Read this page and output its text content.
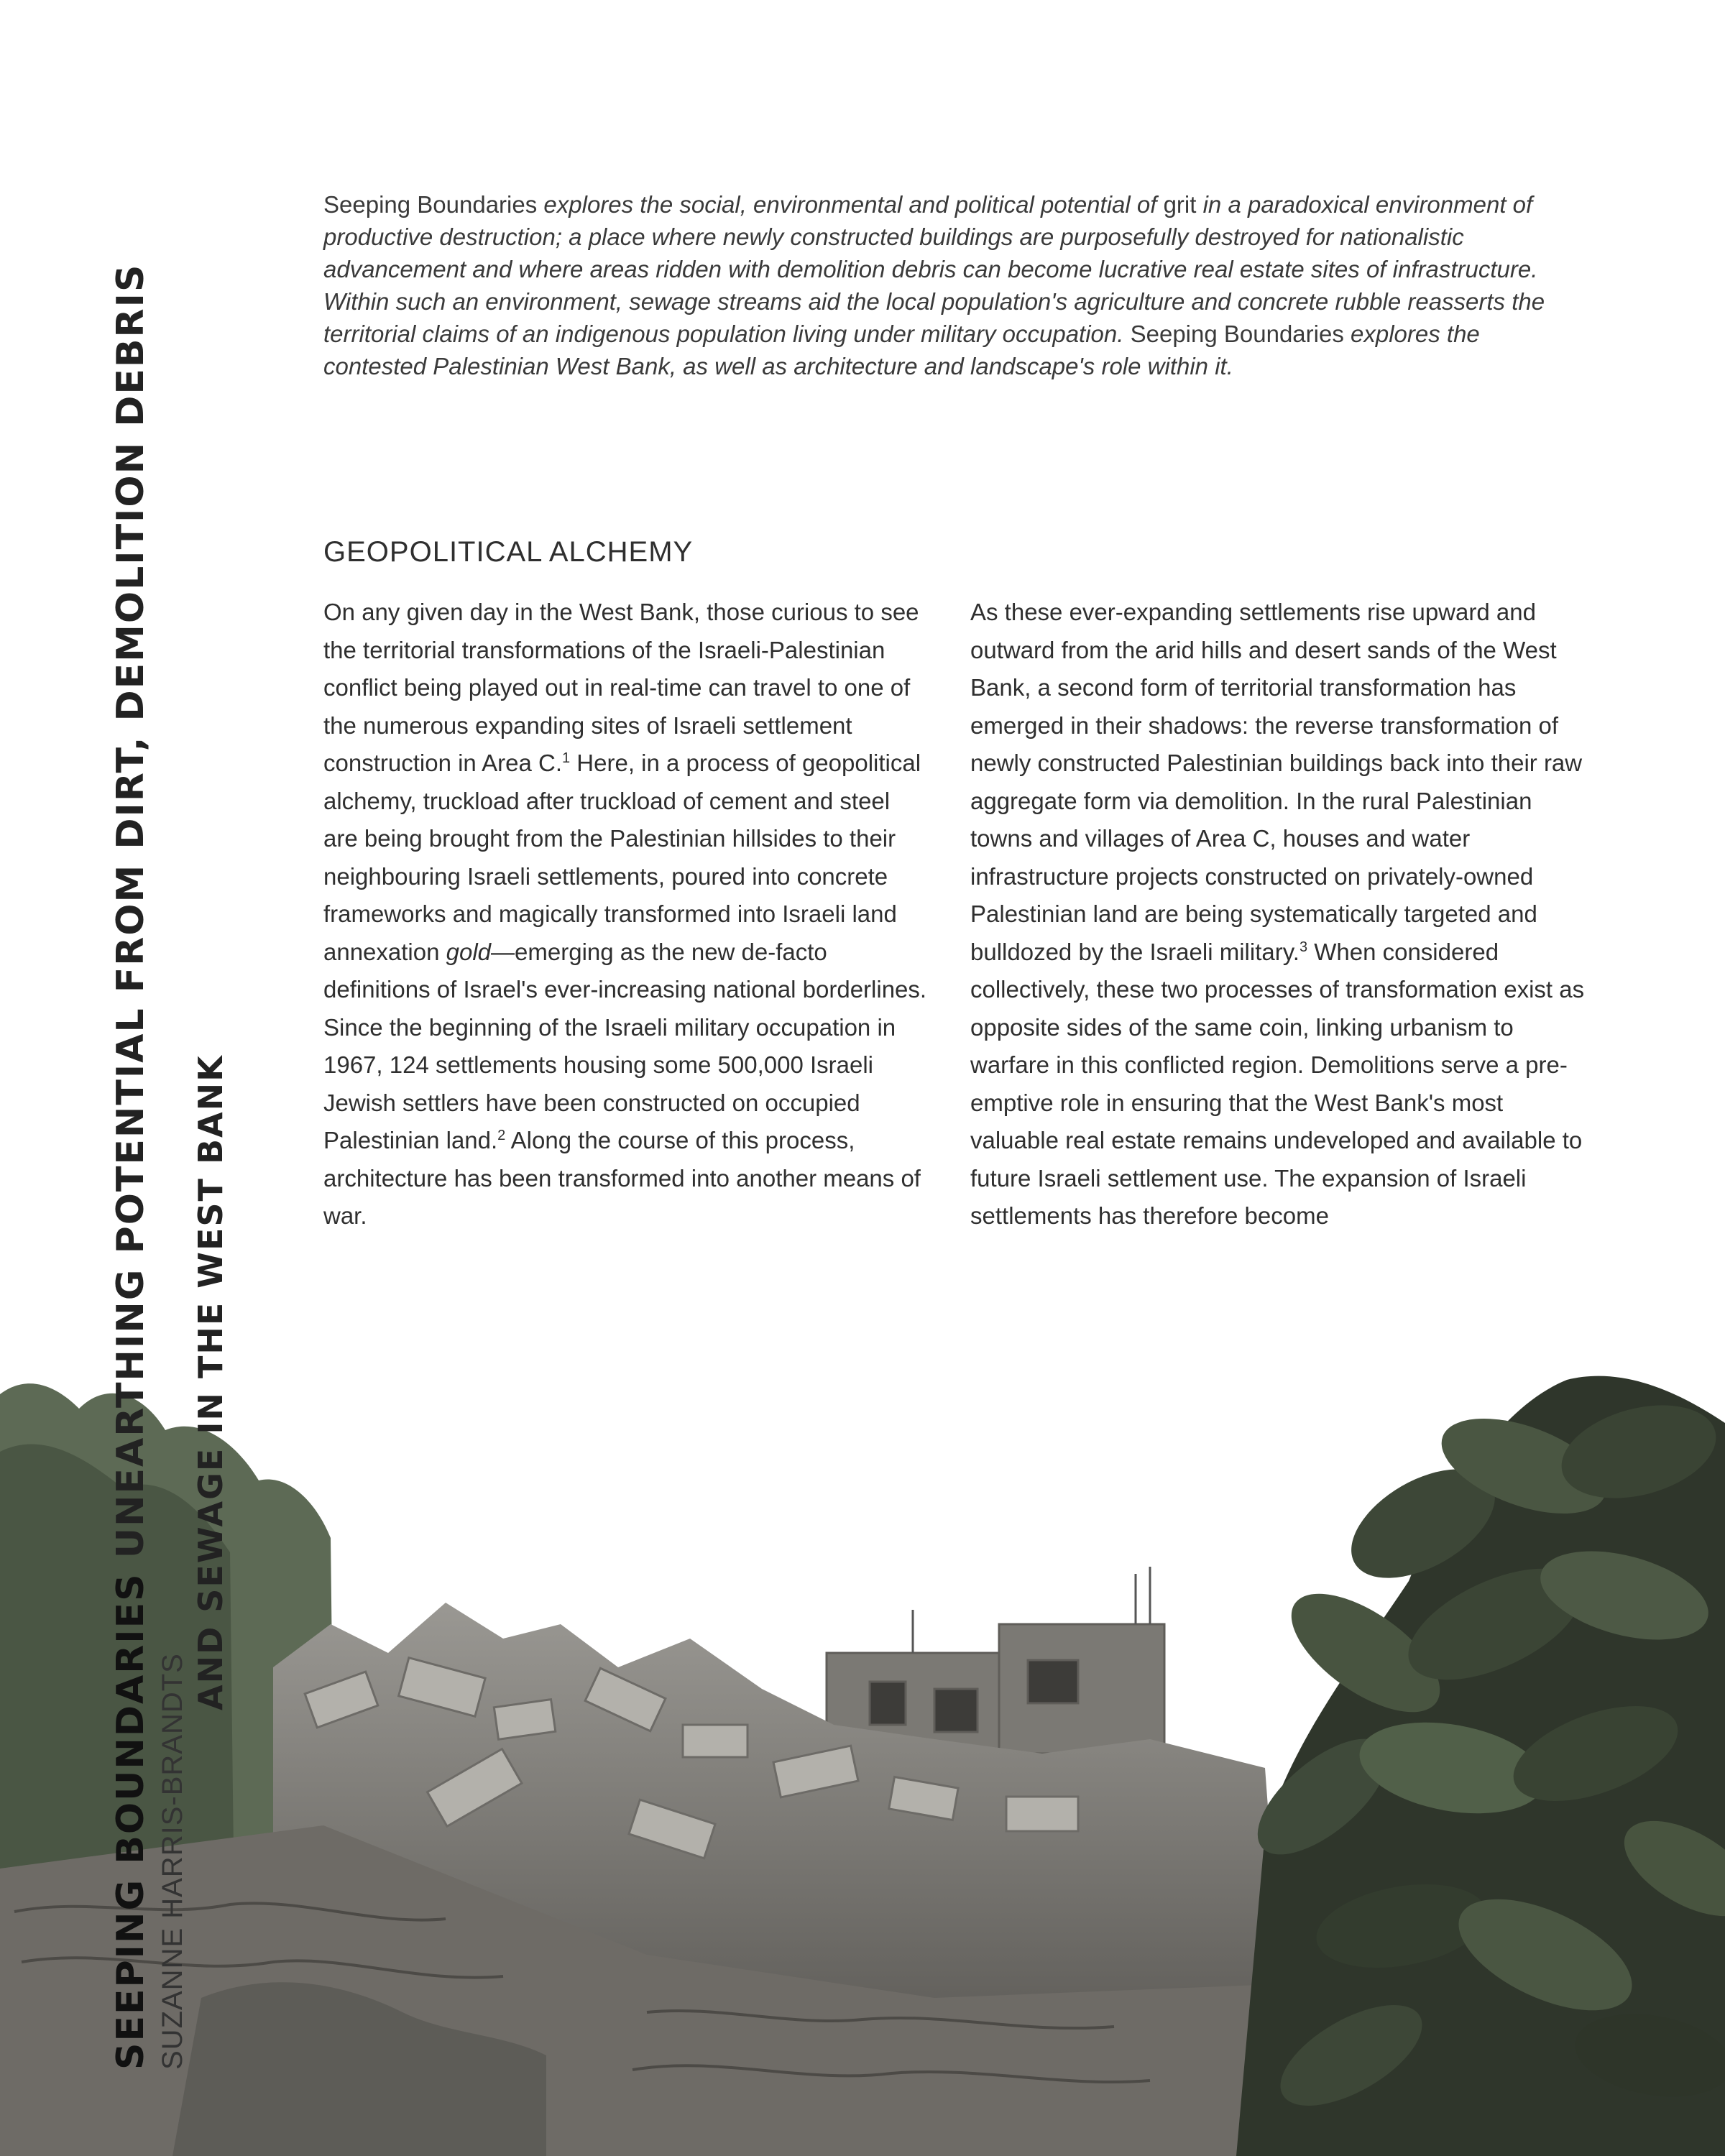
Seeping Boundaries explores the social, environmental and political potential of grit in a paradoxical environment of productive destruction; a place where newly constructed buildings are purposefully destroyed for nationalistic advancement and where areas ridden with demolition debris can become lucrative real estate sites of infrastructure. Within such an environment, sewage streams aid the local population's agriculture and concrete rubble reasserts the territorial claims of an indigenous population living under military occupation. Seeping Boundaries explores the contested Palestinian West Bank, as well as architecture and landscape's role within it.

GEOPOLITICAL ALCHEMY

On any given day in the West Bank, those curious to see the territorial transformations of the Israeli-Palestinian conflict being played out in real-time can travel to one of the numerous expanding sites of Israeli settlement construction in Area C.$^1$ Here, in a process of geopolitical alchemy, truckload after truckload of cement and steel are being brought from the Palestinian hillsides to their neighbouring Israeli settlements, poured into concrete frameworks and magically transformed into Israeli land annexation gold—emerging as the new de-facto definitions of Israel's ever-increasing national borderlines. Since the beginning of the Israeli military occupation in 1967, 124 settlements housing some 500,000 Israeli Jewish settlers have been constructed on occupied Palestinian land.$^2$ Along the course of this process, architecture has been transformed into another means of war.

As these ever-expanding settlements rise upward and outward from the arid hills and desert sands of the West Bank, a second form of territorial transformation has emerged in their shadows: the reverse transformation of newly constructed Palestinian buildings back into their raw aggregate form via demolition. In the rural Palestinian towns and villages of Area C, houses and water infrastructure projects constructed on privately-owned Palestinian land are being systematically targeted and bulldozed by the Israeli military.$^3$ When considered collectively, these two processes of transformation exist as opposite sides of the same coin, linking urbanism to warfare in this conflicted region. Demolitions serve a pre-emptive role in ensuring that the West Bank's most valuable real estate remains undeveloped and available to future Israeli settlement use. The expansion of Israeli settlements has therefore become

SEEPING BOUNDARIES UNEARTHING POTENTIAL FROM DIRT, DEMOLITION DEBRIS
SUZANNE HARRIS-BRANDTS
AND SEWAGE IN THE WEST BANK
